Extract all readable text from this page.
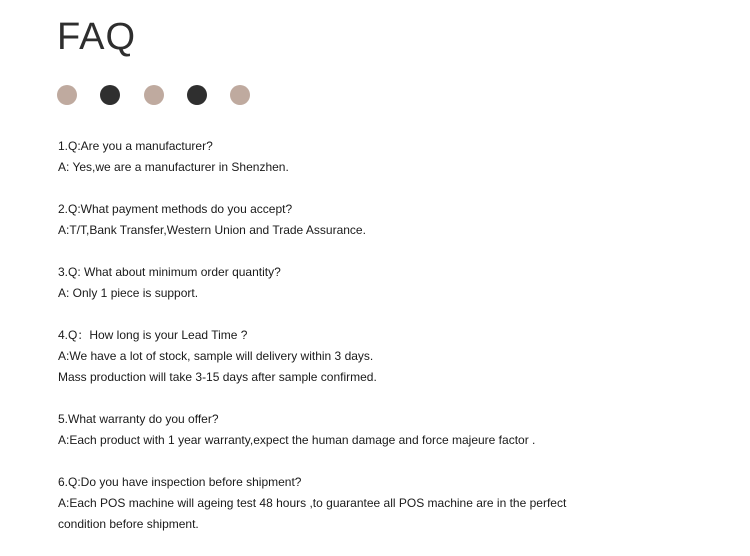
FAQ
1.Q:Are you a manufacturer?
A: Yes,we are a manufacturer in Shenzhen.
2.Q:What payment methods do you accept?
A:T/T,Bank Transfer,Western Union and Trade Assurance.
3.Q: What about minimum order quantity?
A: Only 1 piece is support.
4.Q：How long is your Lead Time ?
A:We have a lot of stock, sample will delivery within 3 days.
Mass production will take 3-15 days after sample confirmed.
5.What warranty do you offer?
A:Each product with 1 year warranty,expect the human damage and force majeure factor .
6.Q:Do you have inspection before shipment?
A:Each POS machine will ageing test 48 hours ,to guarantee all POS machine are in the perfect
condition before shipment.
